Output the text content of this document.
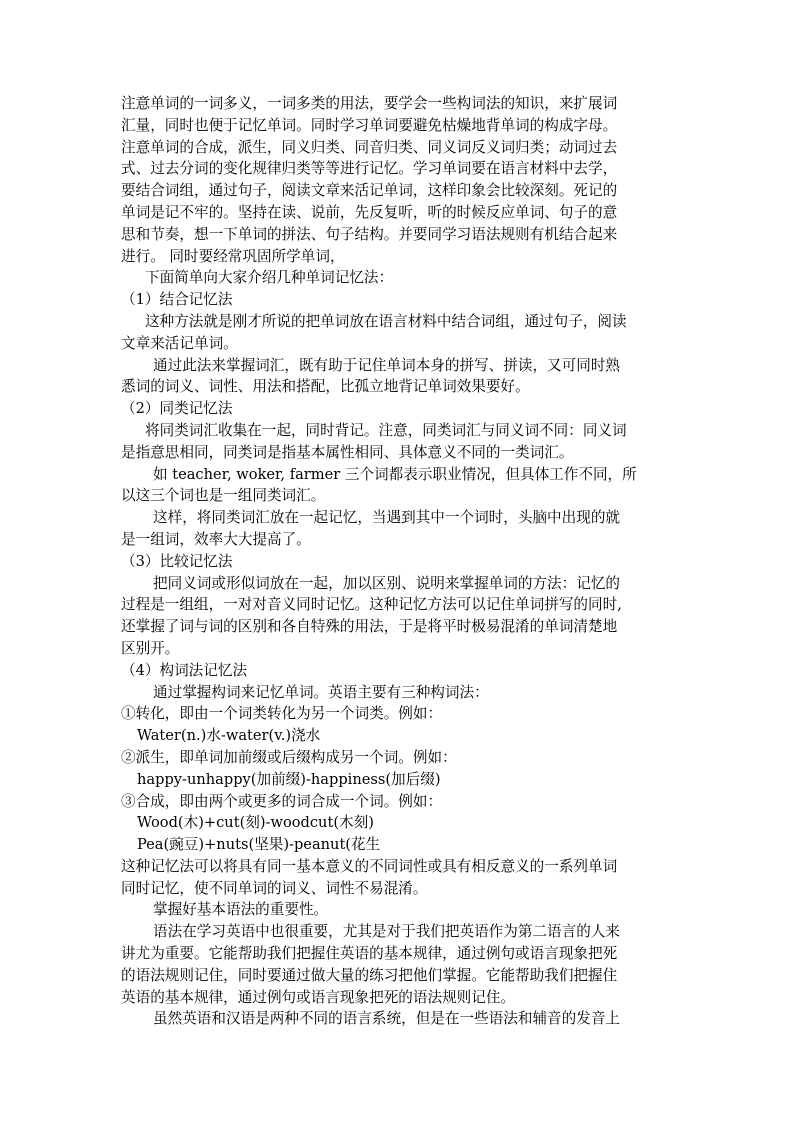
注意单词的一词多义，一词多类的用法，要学会一些构词法的知识，来扩展词

汇量，同时也便于记忆单词。同时学习单词要避免枯燥地背单词的构成字母。

注意单词的合成，派生，同义归类、同音归类、同义词反义词归类；动词过去

式、过去分词的变化规律归类等等进行记忆。学习单词要在语言材料中去学，

要结合词组，通过句子，阅读文章来活记单词，这样印象会比较深刻。死记的

单词是记不牢的。坚持在读、说前，先反复听，听的时候反应单词、句子的意

思和节奏，想一下单词的拼法、句子结构。并要同学习语法规则有机结合起来

进行。 同时要经常巩固所学单词，

下面简单向大家介绍几种单词记忆法：

（1）结合记忆法

这种方法就是刚才所说的把单词放在语言材料中结合词组，通过句子，阅读

文章来活记单词。

通过此法来掌握词汇，既有助于记住单词本身的拼写、拼读，又可同时熟

悉词的词义、词性、用法和搭配，比孤立地背记单词效果要好。

（2）同类记忆法

将同类词汇收集在一起，同时背记。注意，同类词汇与同义词不同：同义词

是指意思相同，同类词是指基本属性相同、具体意义不同的一类词汇。

如 teacher, woker, farmer 三个词都表示职业情况，但具体工作不同，所

以这三个词也是一组同类词汇。

这样，将同类词汇放在一起记忆，当遇到其中一个词时，头脑中出现的就

是一组词，效率大大提高了。

（3）比较记忆法

把同义词或形似词放在一起，加以区别、说明来掌握单词的方法：记忆的

过程是一组组，一对对音义同时记忆。这种记忆方法可以记住单词拼写的同时,

还掌握了词与词的区别和各自特殊的用法，于是将平时极易混淆的单词清楚地

区别开。

（4）构词法记忆法

通过掌握构词来记忆单词。英语主要有三种构词法：

①转化，即由一个词类转化为另一个词类。例如：

Water(n.)水-water(v.)浇水

②派生，即单词加前缀或后缀构成另一个词。例如：

happy-unhappy(加前缀)-happiness(加后缀)

③合成，即由两个或更多的词合成一个词。例如：

Wood(木)+cut(刻)-woodcut(木刻)

Pea(豌豆)+nuts(坚果)-peanut(花生

这种记忆法可以将具有同一基本意义的不同词性或具有相反意义的一系列单词

同时记忆，使不同单词的词义、词性不易混淆。

掌握好基本语法的重要性。

语法在学习英语中也很重要，尤其是对于我们把英语作为第二语言的人来

讲尤为重要。它能帮助我们把握住英语的基本规律，通过例句或语言现象把死

的语法规则记住，同时要通过做大量的练习把他们掌握。它能帮助我们把握住

英语的基本规律，通过例句或语言现象把死的语法规则记住。

虽然英语和汉语是两种不同的语言系统，但是在一些语法和辅音的发音上
